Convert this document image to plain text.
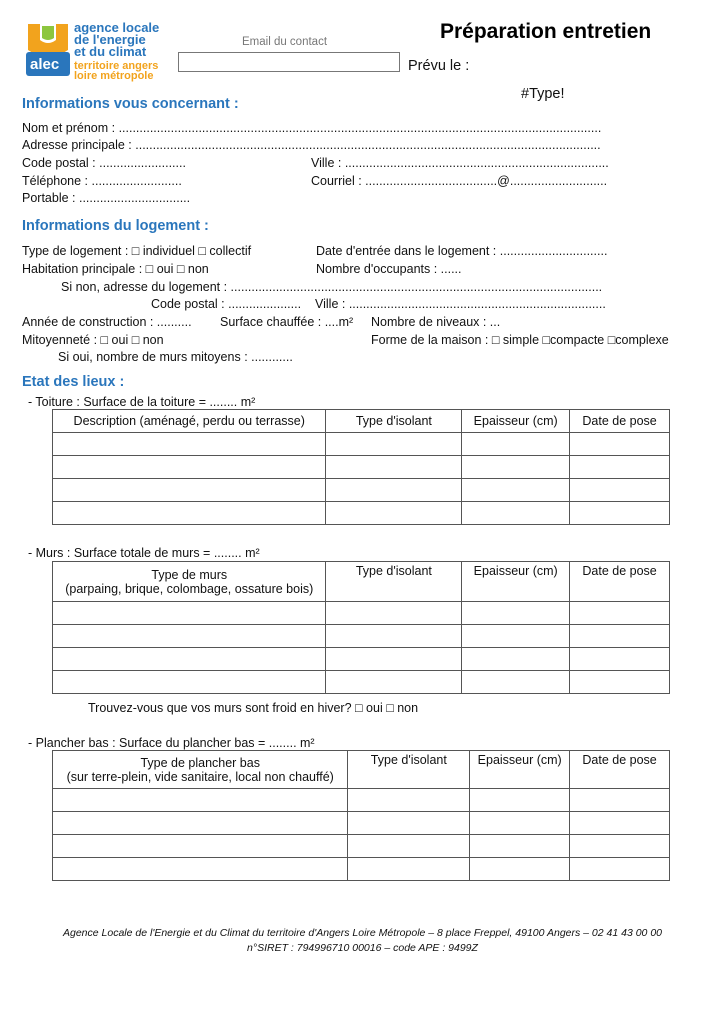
alec
agence locale
de l'energie
et du climat
territoire angers
loire métropole
Préparation entretien
Email du contact
Prévu le :
#Type!
Informations vous concernant :
Nom et prénom : ...........................................................................................................................................
Adresse principale : ......................................................................................................................................
Code postal : .........................	Ville : ............................................................................
Téléphone : ..........................	Courriel : ......................................@............................
Portable : ................................
Informations du logement :
Type de logement : □ individuel □ collectif	Date d'entrée dans le logement : ...............................
Habitation principale : □ oui □ non	Nombre d'occupants : ......
Si non, adresse du logement : ...........................................................................................................
Code postal : ..................... Ville : ..........................................................................
Année de construction : .......... Surface chauffée : ....m² Nombre de niveaux : ...
Mitoyenneté : □ oui □ non	Forme de la maison : □ simple □compacte □complexe
Si oui, nombre de murs mitoyens : ............
Etat des lieux :
- Toiture : Surface de la toiture = ........ m²
Description (aménagé, perdu ou terrasse)	Type d'isolant	Epaisseur (cm)	Date de pose

- Murs : Surface totale de murs = ........ m²
Type de murs
(parpaing, brique, colombage, ossature bois)	Type d'isolant	Epaisseur (cm)	Date de pose

Trouvez-vous que vos murs sont froid en hiver? □ oui □ non
- Plancher bas : Surface du plancher bas = ........ m²
Type de plancher bas
(sur terre-plein, vide sanitaire, local non chauffé)	Type d'isolant	Epaisseur (cm)	Date de pose

Agence Locale de l'Energie et du Climat du territoire d'Angers Loire Métropole – 8 place Freppel, 49100 Angers – 02 41 43 00 00
n°SIRET : 794996710 00016 – code APE : 9499Z
